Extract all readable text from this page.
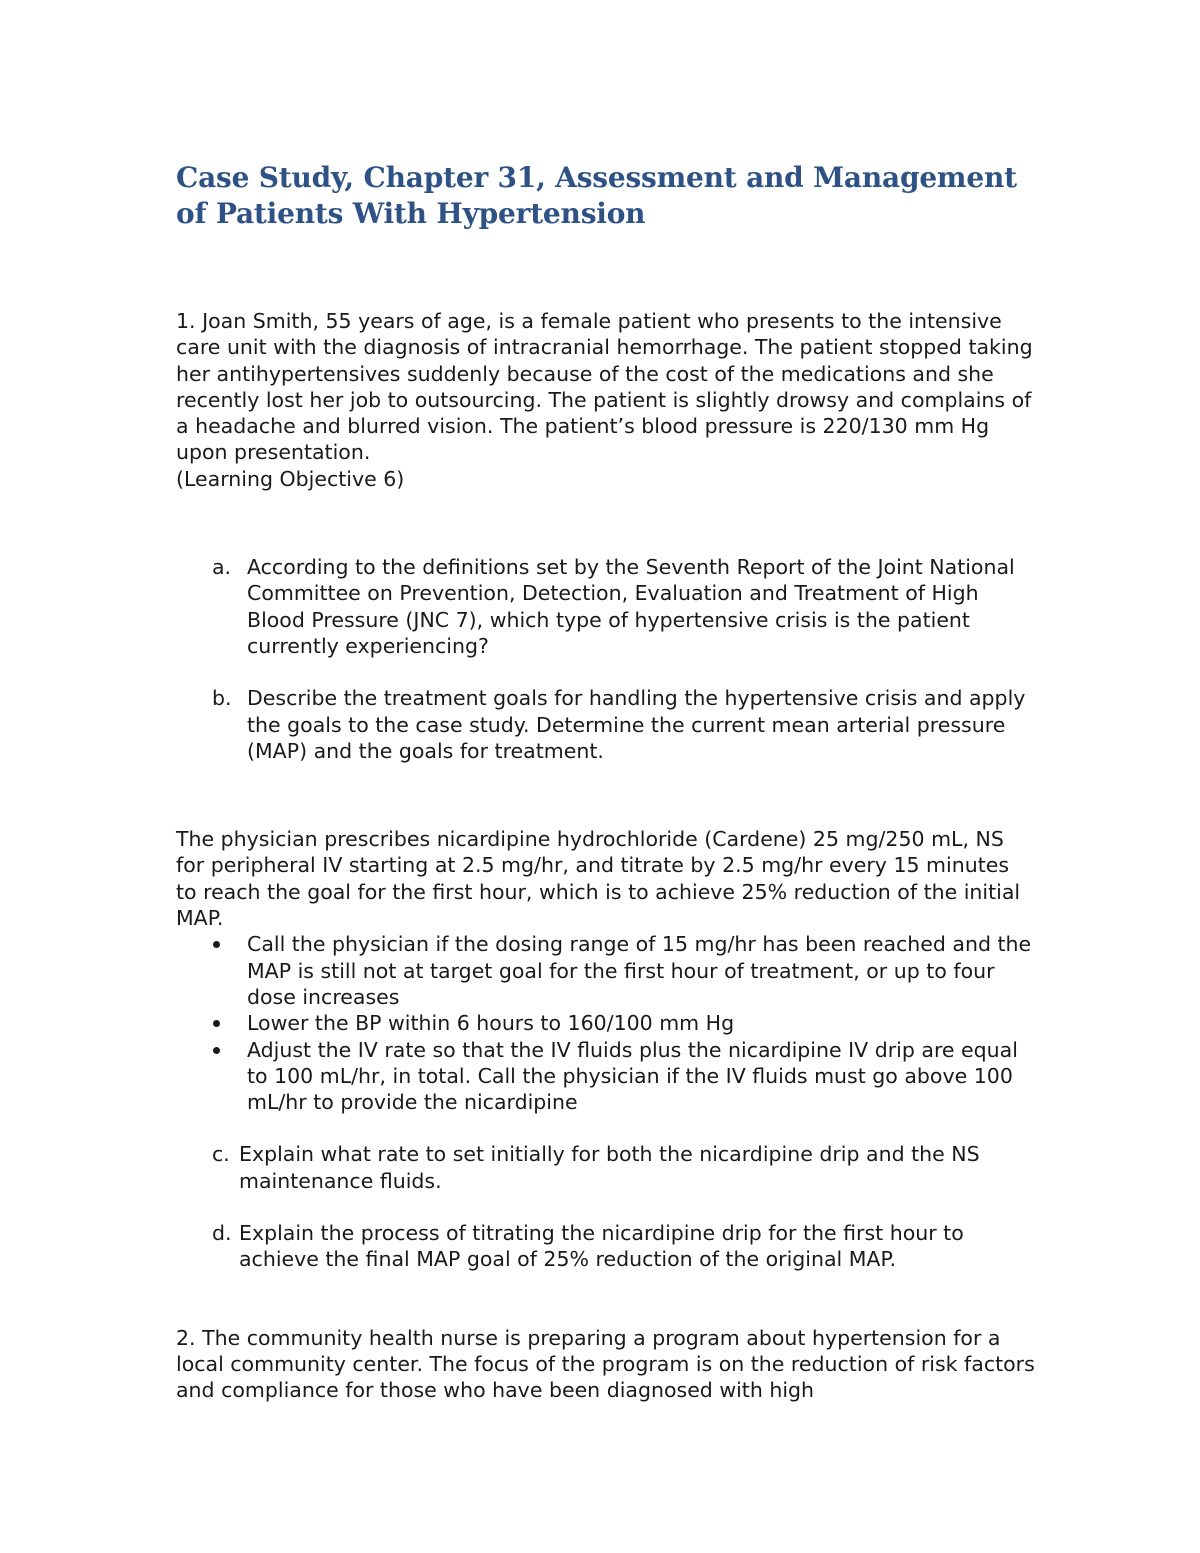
Case Study, Chapter 31, Assessment and Management of Patients With Hypertension

1. Joan Smith, 55 years of age, is a female patient who presents to the intensive care unit with the diagnosis of intracranial hemorrhage. The patient stopped taking her antihypertensives suddenly because of the cost of the medications and she recently lost her job to outsourcing. The patient is slightly drowsy and complains of a headache and blurred vision. The patient’s blood pressure is 220/130 mm Hg upon presentation.

(Learning Objective 6)

a. According to the definitions set by the Seventh Report of the Joint National Committee on Prevention, Detection, Evaluation and Treatment of High Blood Pressure (JNC 7), which type of hypertensive crisis is the patient currently experiencing?
b. Describe the treatment goals for handling the hypertensive crisis and apply the goals to the case study. Determine the current mean arterial pressure (MAP) and the goals for treatment.

The physician prescribes nicardipine hydrochloride (Cardene) 25 mg/250 mL, NS for peripheral IV starting at 2.5 mg/hr, and titrate by 2.5 mg/hr every 15 minutes to reach the goal for the first hour, which is to achieve 25% reduction of the initial MAP.

Call the physician if the dosing range of 15 mg/hr has been reached and the MAP is still not at target goal for the first hour of treatment, or up to four dose increases
Lower the BP within 6 hours to 160/100 mm Hg
Adjust the IV rate so that the IV fluids plus the nicardipine IV drip are equal to 100 mL/hr, in total. Call the physician if the IV fluids must go above 100 mL/hr to provide the nicardipine
c. Explain what rate to set initially for both the nicardipine drip and the NS maintenance fluids.
d. Explain the process of titrating the nicardipine drip for the first hour to achieve the final MAP goal of 25% reduction of the original MAP.

2. The community health nurse is preparing a program about hypertension for a local community center. The focus of the program is on the reduction of risk factors and compliance for those who have been diagnosed with high
